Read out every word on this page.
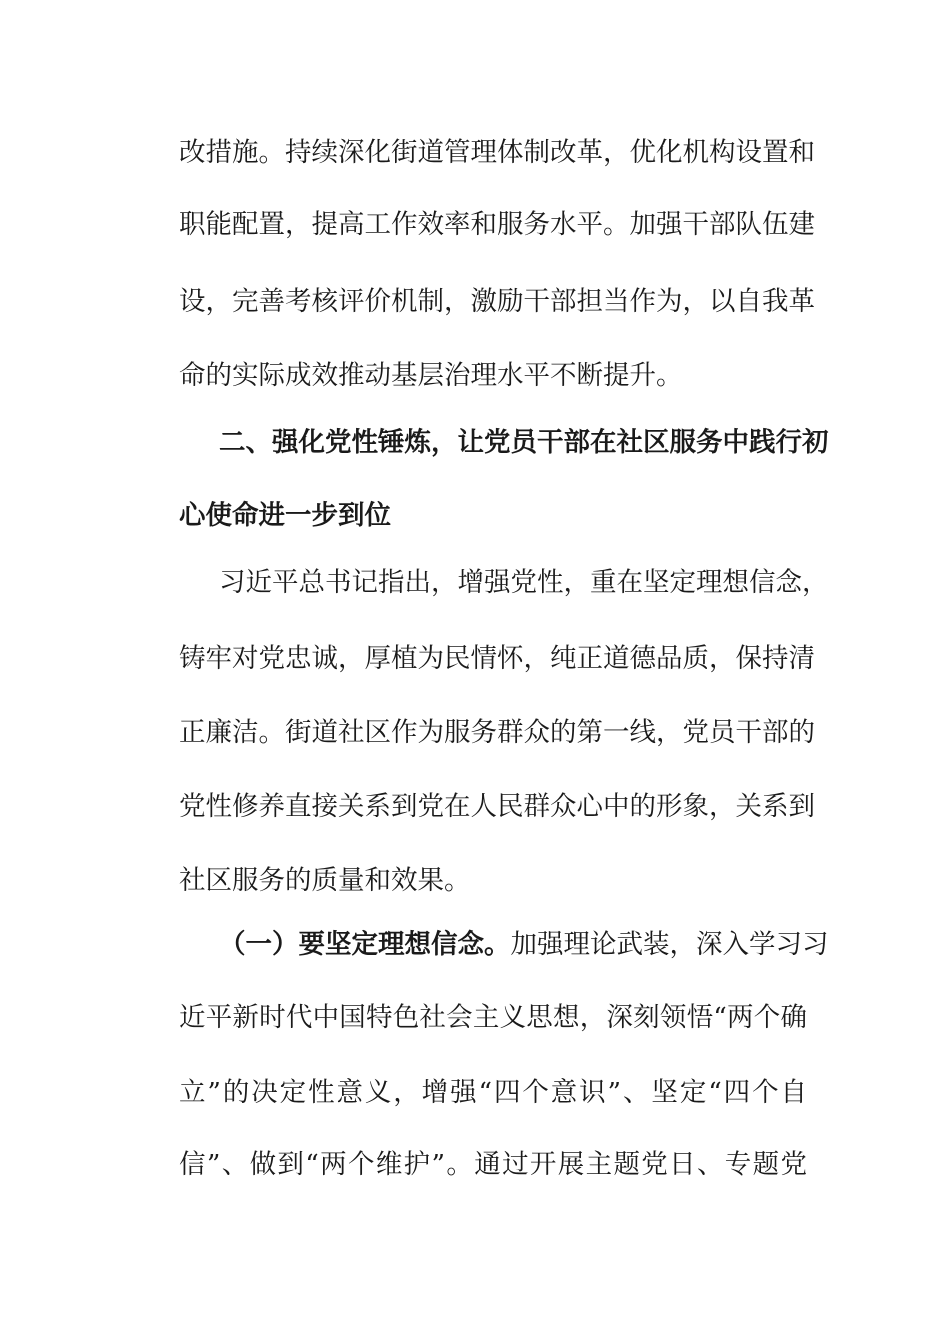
改措施。持续深化街道管理体制改革，优化机构设置和
职能配置，提高工作效率和服务水平。加强干部队伍建
设，完善考核评价机制，激励干部担当作为，以自我革
命的实际成效推动基层治理水平不断提升。
二、强化党性锤炼，让党员干部在社区服务中践行初
心使命进一步到位
习近平总书记指出，增强党性，重在坚定理想信念，
铸牢对党忠诚，厚植为民情怀，纯正道德品质，保持清
正廉洁。街道社区作为服务群众的第一线，党员干部的
党性修养直接关系到党在人民群众心中的形象，关系到
社区服务的质量和效果。
（一）要坚定理想信念。加强理论武装，深入学习习
近平新时代中国特色社会主义思想，深刻领悟“两个确
立”的决定性意义，增强“四个意识”、坚定“四个自
信”、做到“两个维护”。通过开展主题党日、专题党
